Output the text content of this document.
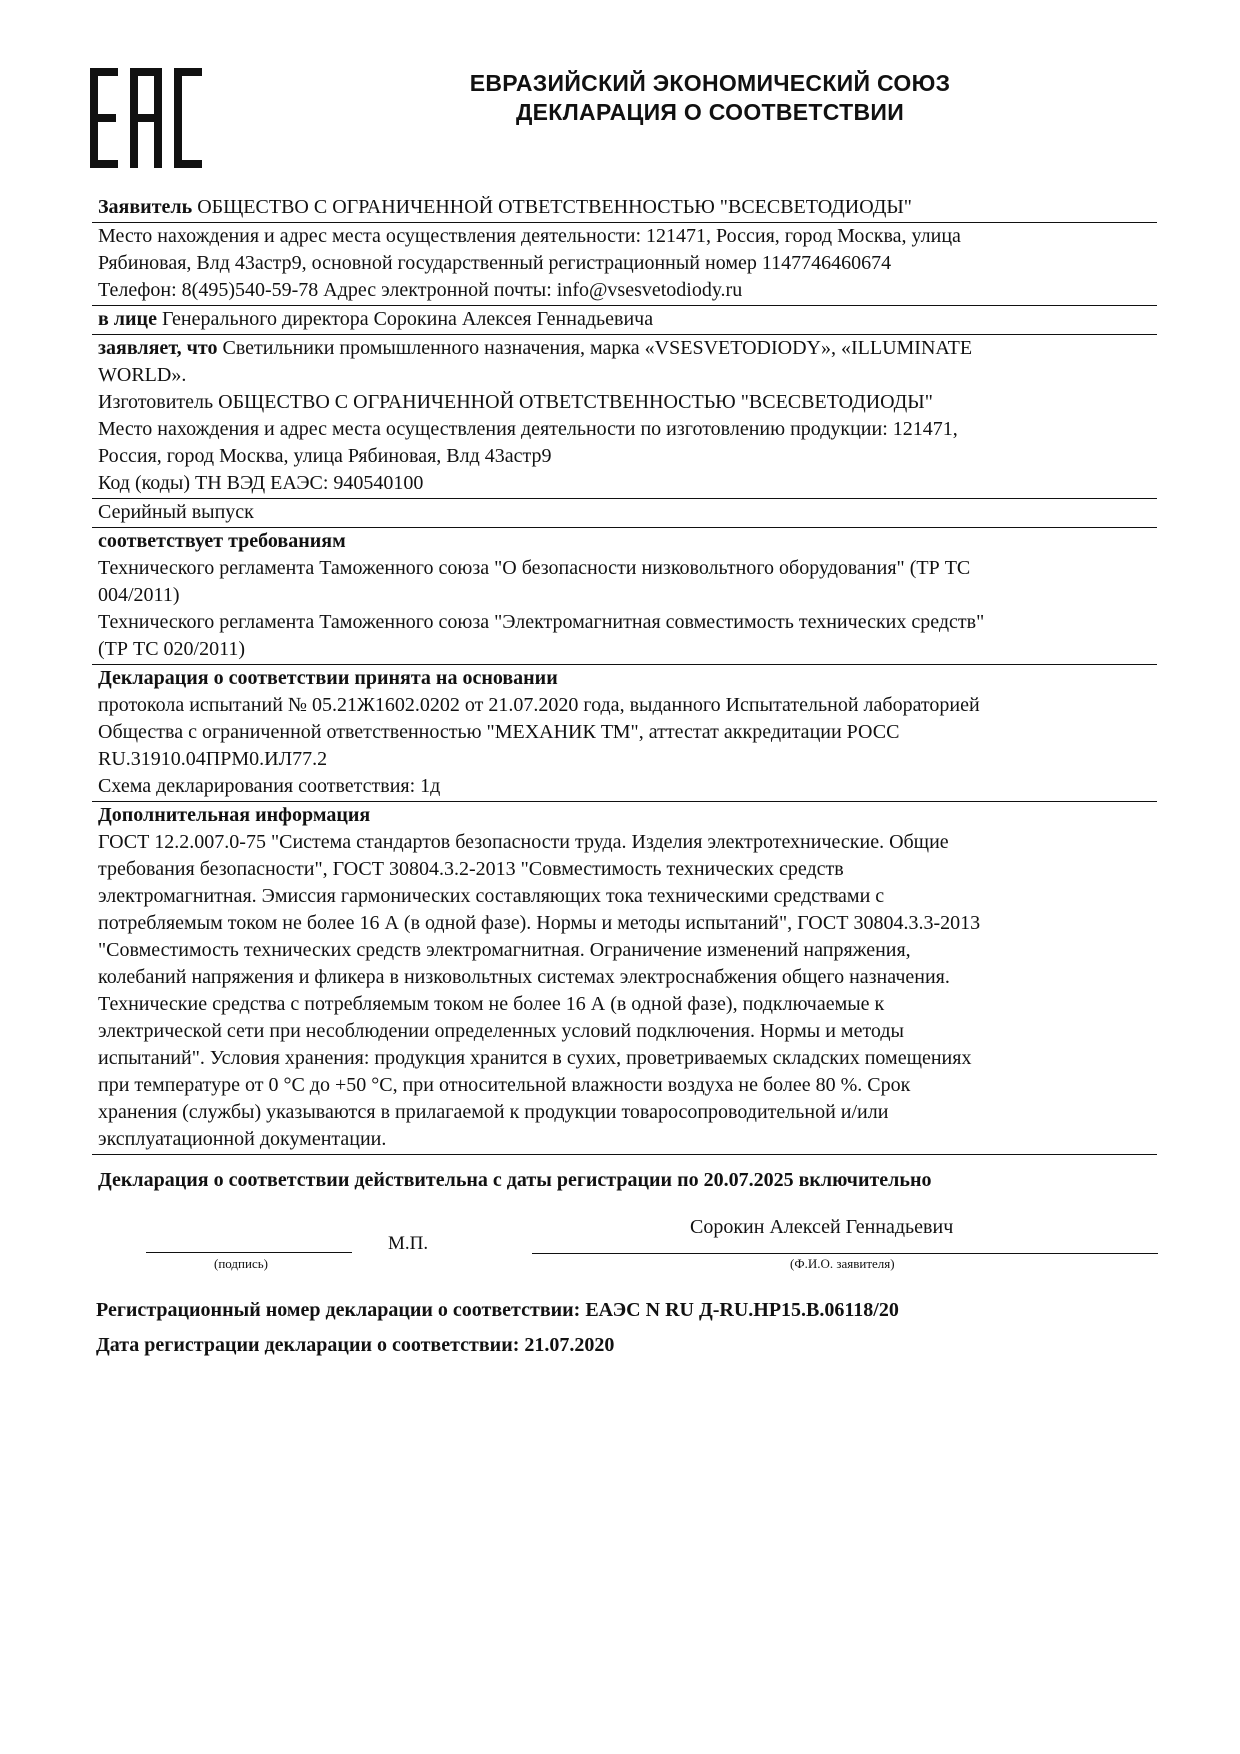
ЕВРАЗИЙСКИЙ ЭКОНОМИЧЕСКИЙ СОЮЗ
ДЕКЛАРАЦИЯ О СООТВЕТСТВИИ
Заявитель ОБЩЕСТВО С ОГРАНИЧЕННОЙ ОТВЕТСТВЕННОСТЬЮ "ВСЕСВЕТОДИОДЫ"
Место нахождения и адрес места осуществления деятельности: 121471, Россия, город Москва, улица
Рябиновая, Влд 43астр9, основной государственный регистрационный номер 1147746460674
Телефон: 8(495)540-59-78 Адрес электронной почты: info@vsesvetodiody.ru
в лице Генерального директора Сорокина Алексея Геннадьевича
заявляет, что Светильники промышленного назначения, марка «VSESVETODIODY», «ILLUMINATE
WORLD».
Изготовитель ОБЩЕСТВО С ОГРАНИЧЕННОЙ ОТВЕТСТВЕННОСТЬЮ "ВСЕСВЕТОДИОДЫ"
Место нахождения и адрес места осуществления деятельности по изготовлению продукции: 121471,
Россия, город Москва, улица Рябиновая, Влд 43астр9
Код (коды) ТН ВЭД ЕАЭС: 940540100
Серийный выпуск
соответствует требованиям
Технического регламента Таможенного союза "О безопасности низковольтного оборудования" (ТР ТС
004/2011)
Технического регламента Таможенного союза "Электромагнитная совместимость технических средств"
(ТР ТС 020/2011)
Декларация о соответствии принята на основании
протокола испытаний № 05.21Ж1602.0202 от 21.07.2020 года, выданного Испытательной лабораторией
Общества с ограниченной ответственностью "МЕХАНИК ТМ", аттестат аккредитации РОСС
RU.31910.04ПРМ0.ИЛ77.2
Схема декларирования соответствия: 1д
Дополнительная информация
ГОСТ 12.2.007.0-75 "Система стандартов безопасности труда. Изделия электротехнические. Общие
требования безопасности", ГОСТ 30804.3.2-2013 "Совместимость технических средств
электромагнитная. Эмиссия гармонических составляющих тока техническими средствами с
потребляемым током не более 16 А (в одной фазе). Нормы и методы испытаний", ГОСТ 30804.3.3-2013
"Совместимость технических средств электромагнитная. Ограничение изменений напряжения,
колебаний напряжения и фликера в низковольтных системах электроснабжения общего назначения.
Технические средства с потребляемым током не более 16 А (в одной фазе), подключаемые к
электрической сети при несоблюдении определенных условий подключения. Нормы и методы
испытаний". Условия хранения: продукция хранится в сухих, проветриваемых складских помещениях
при температуре от 0 °C до +50 °C, при относительной влажности воздуха не более 80 %. Срок
хранения (службы) указываются в прилагаемой к продукции товаросопроводительной и/или
эксплуатационной документации.
Декларация о соответствии действительна с даты регистрации по 20.07.2025 включительно
(подпись)
М.П.
Сорокин Алексей Геннадьевич
(Ф.И.О. заявителя)
Регистрационный номер декларации о соответствии: ЕАЭС N RU Д-RU.НР15.В.06118/20
Дата регистрации декларации о соответствии: 21.07.2020
